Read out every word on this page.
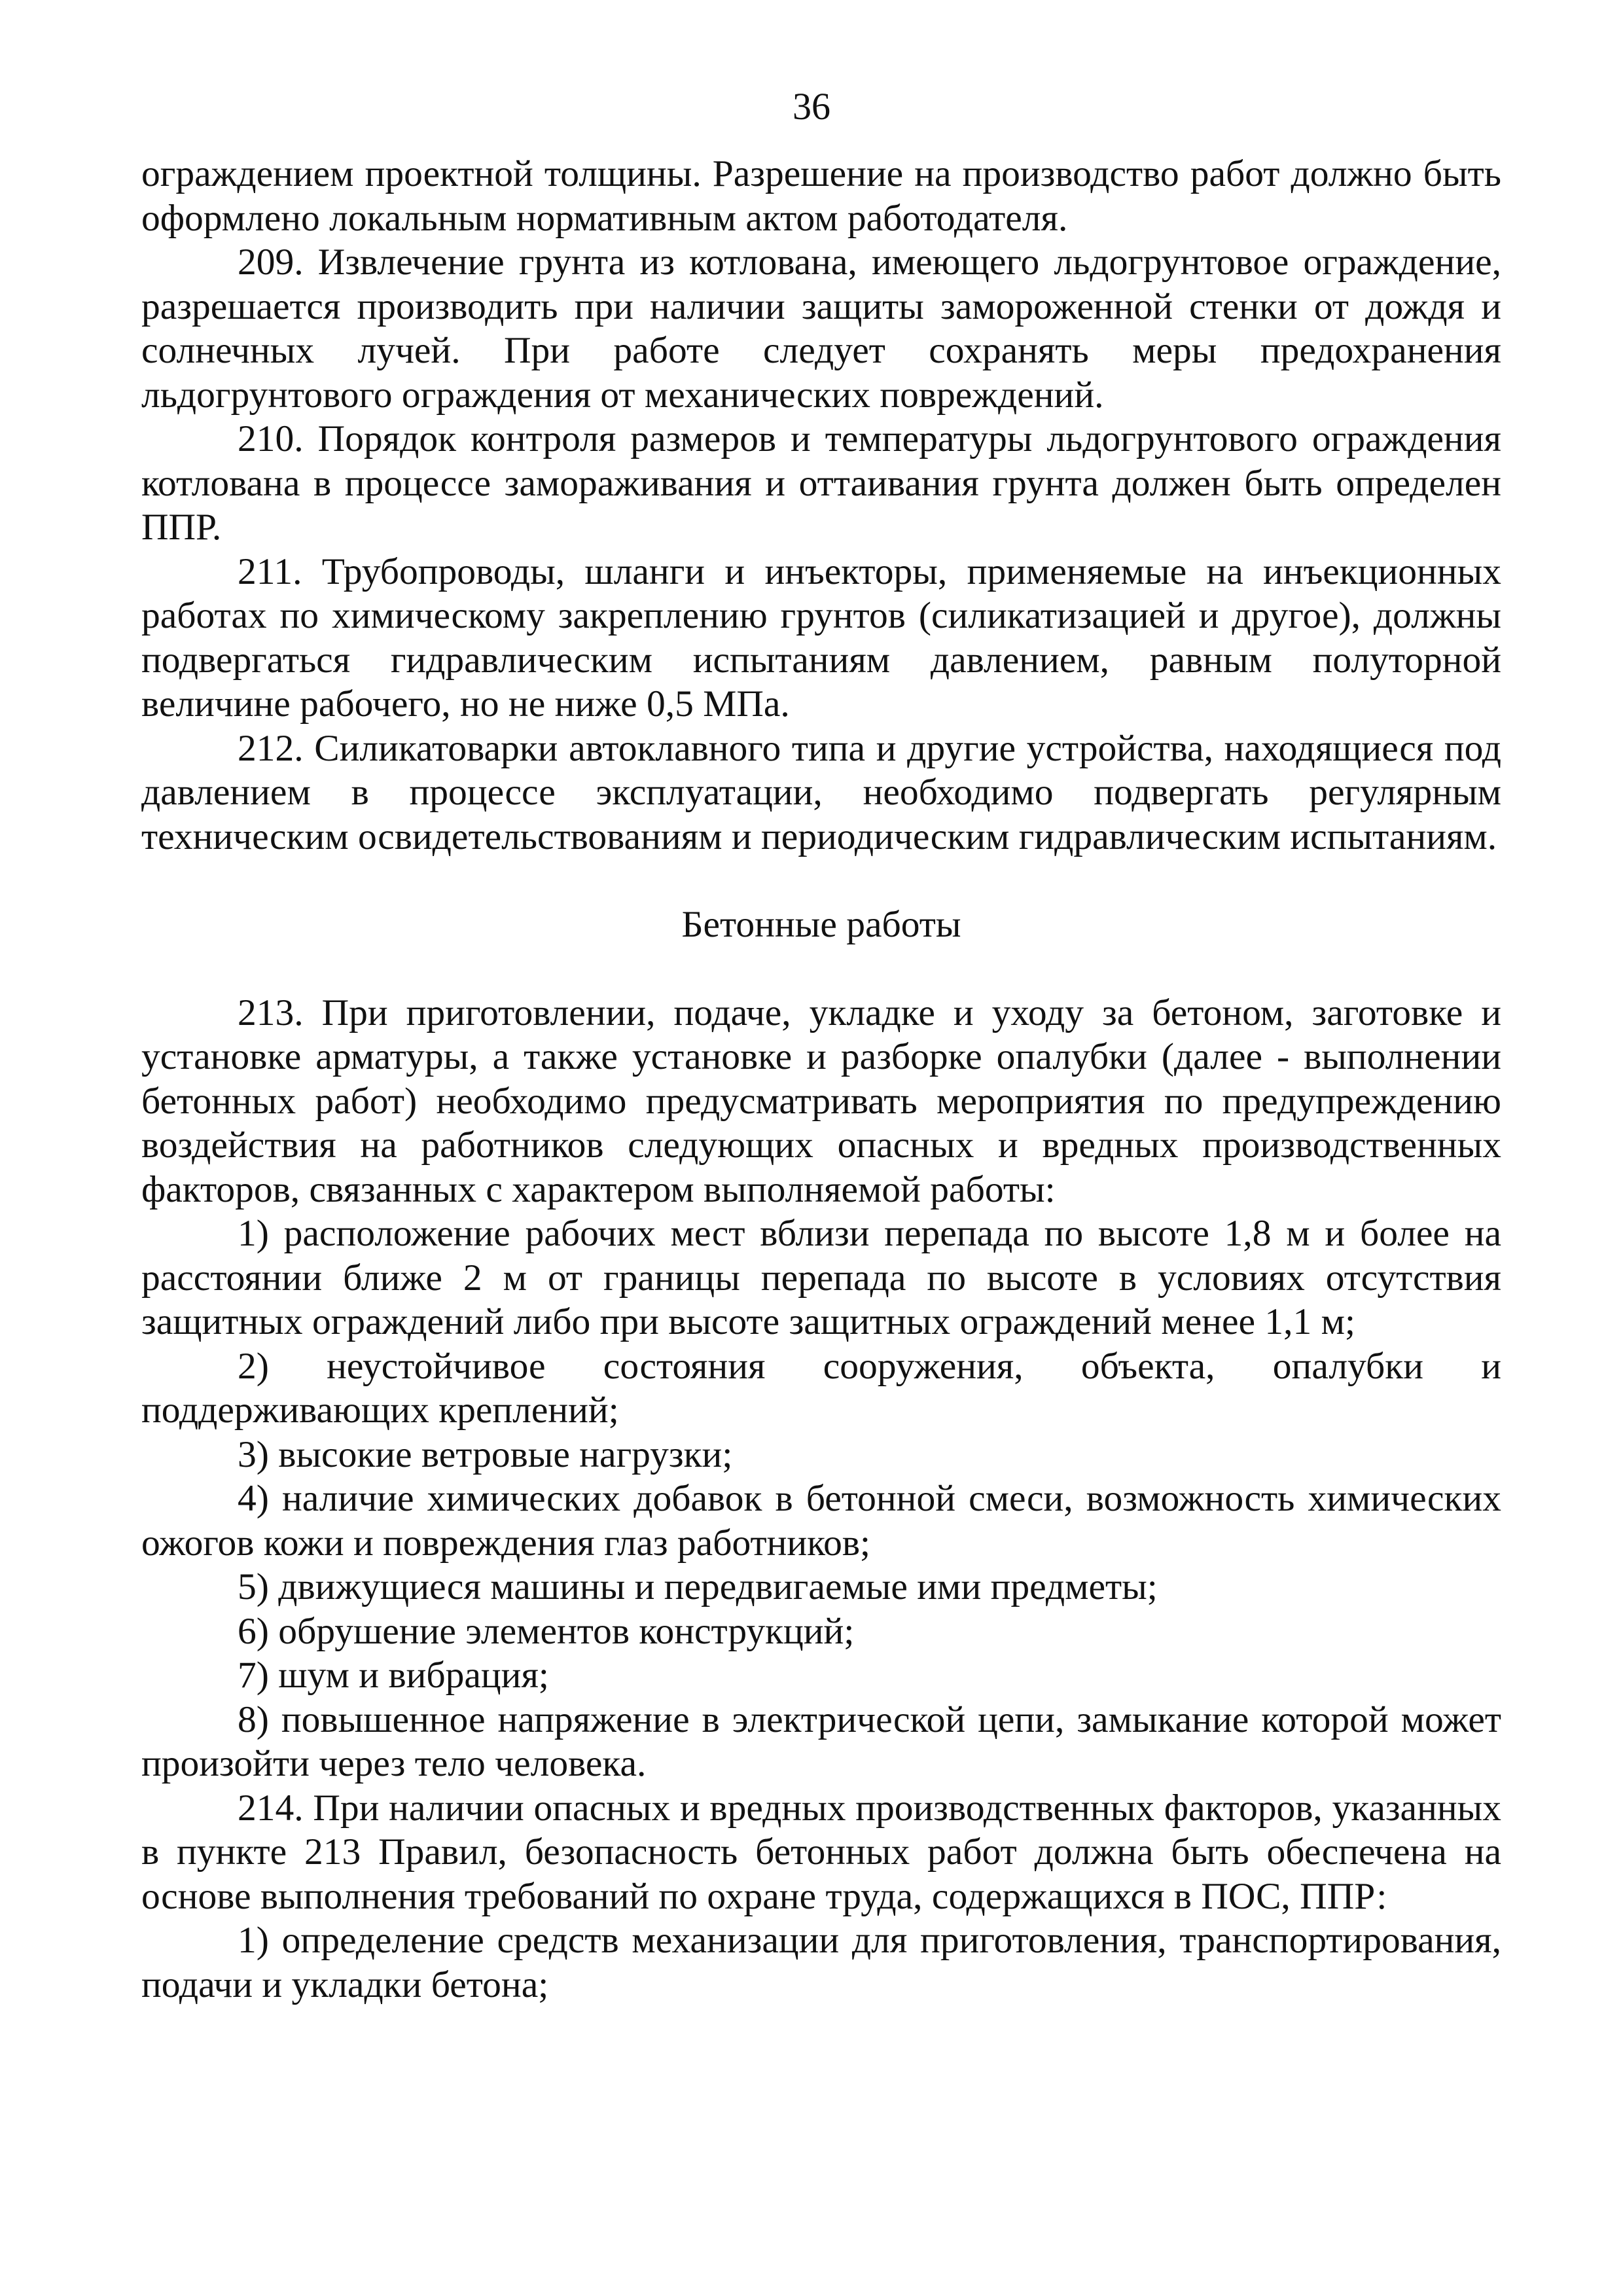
36

ограждением проектной толщины. Разрешение на производство работ должно быть оформлено локальным нормативным актом работодателя.

209. Извлечение грунта из котлована, имеющего льдогрунтовое ограждение, разрешается производить при наличии защиты замороженной стенки от дождя и солнечных лучей. При работе следует сохранять меры предохранения льдогрунтового ограждения от механических повреждений.

210. Порядок контроля размеров и температуры льдогрунтового ограждения котлована в процессе замораживания и оттаивания грунта должен быть определен ППР.

211. Трубопроводы, шланги и инъекторы, применяемые на инъекционных работах по химическому закреплению грунтов (силикатизацией и другое), должны подвергаться гидравлическим испытаниям давлением, равным полуторной величине рабочего, но не ниже 0,5 МПа.

212. Силикатоварки автоклавного типа и другие устройства, находящиеся под давлением в процессе эксплуатации, необходимо подвергать регулярным техническим освидетельствованиям и периодическим гидравлическим испытаниям.

Бетонные работы

213. При приготовлении, подаче, укладке и уходу за бетоном, заготовке и установке арматуры, а также установке и разборке опалубки (далее - выполнении бетонных работ) необходимо предусматривать мероприятия по предупреждению воздействия на работников следующих опасных и вредных производственных факторов, связанных с характером выполняемой работы:

1) расположение рабочих мест вблизи перепада по высоте 1,8 м и более на расстоянии ближе 2 м от границы перепада по высоте в условиях отсутствия защитных ограждений либо при высоте защитных ограждений менее 1,1 м;

2) неустойчивое состояния сооружения, объекта, опалубки и поддерживающих креплений;

3) высокие ветровые нагрузки;

4) наличие химических добавок в бетонной смеси, возможность химических ожогов кожи и повреждения глаз работников;

5) движущиеся машины и передвигаемые ими предметы;

6) обрушение элементов конструкций;

7) шум и вибрация;

8) повышенное напряжение в электрической цепи, замыкание которой может произойти через тело человека.

214. При наличии опасных и вредных производственных факторов, указанных в пункте 213 Правил, безопасность бетонных работ должна быть обеспечена на основе выполнения требований по охране труда, содержащихся в ПОС, ППР:

1) определение средств механизации для приготовления, транспортирования, подачи и укладки бетона;
